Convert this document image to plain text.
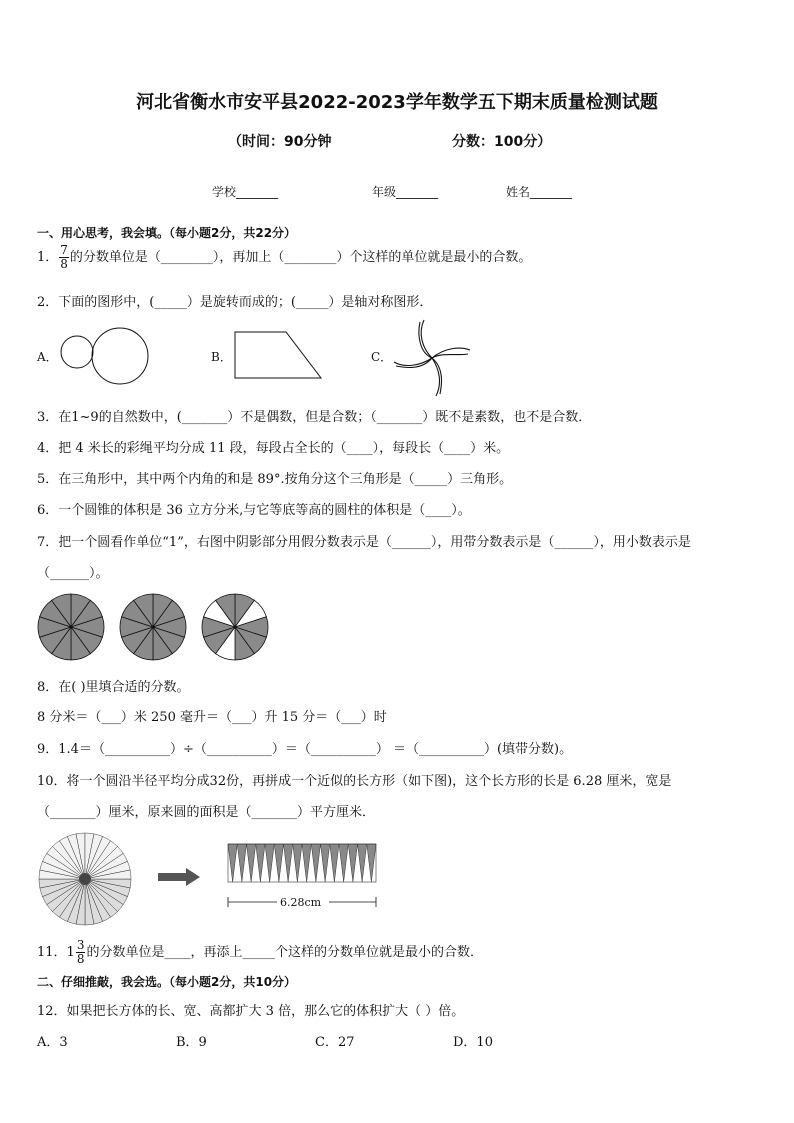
河北省衡水市安平县2022-2023学年数学五下期末质量检测试题
（时间：90分钟	分数：100分）
学校_______	年级_______	姓名_______
一、用心思考，我会填。（每小题2分，共22分）
1． $\frac{7}{8}$ 的分数单位是（________），再加上（________）个这样的单位就是最小的合数。
2．下面的图形中，(_____）是旋转而成的；(_____）是轴对称图形．
A．	B．	C．
3．在1~9的自然数中，(_______）不是偶数，但是合数；（_______）既不是素数，也不是合数．
4．把 4 米长的彩绳平均分成 11 段，每段占全长的（____），每段长（____）米。
5．在三角形中，其中两个内角的和是 89°.按角分这个三角形是（_____）三角形。
6．一个圆锥的体积是 36 立方分米,与它等底等高的圆柱的体积是（____）。
7．把一个圆看作单位“1”，右图中阴影部分用假分数表示是（______），用带分数表示是（______），用小数表示是
（______）。
8．在( )里填合适的分数。
8 分米＝（___）米 250 毫升＝（___）升 15 分＝（___）时
9．1.4＝（__________）÷（__________）＝（__________） ＝（__________）(填带分数)。
10．将一个圆沿半径平均分成32份，再拼成一个近似的长方形（如下图)，这个长方形的长是 6.28 厘米，宽是
（_______）厘米，原来圆的面积是（_______）平方厘米．
6.28cm
11．$1 \frac{3}{8}$ 的分数单位是____，再添上_____个这样的分数单位就是最小的合数．
二、仔细推敲，我会选。（每小题2分，共10分）
12．如果把长方体的长、宽、高都扩大 3 倍，那么它的体积扩大（ ）倍。
A．3	B．9	C．27	D．10
